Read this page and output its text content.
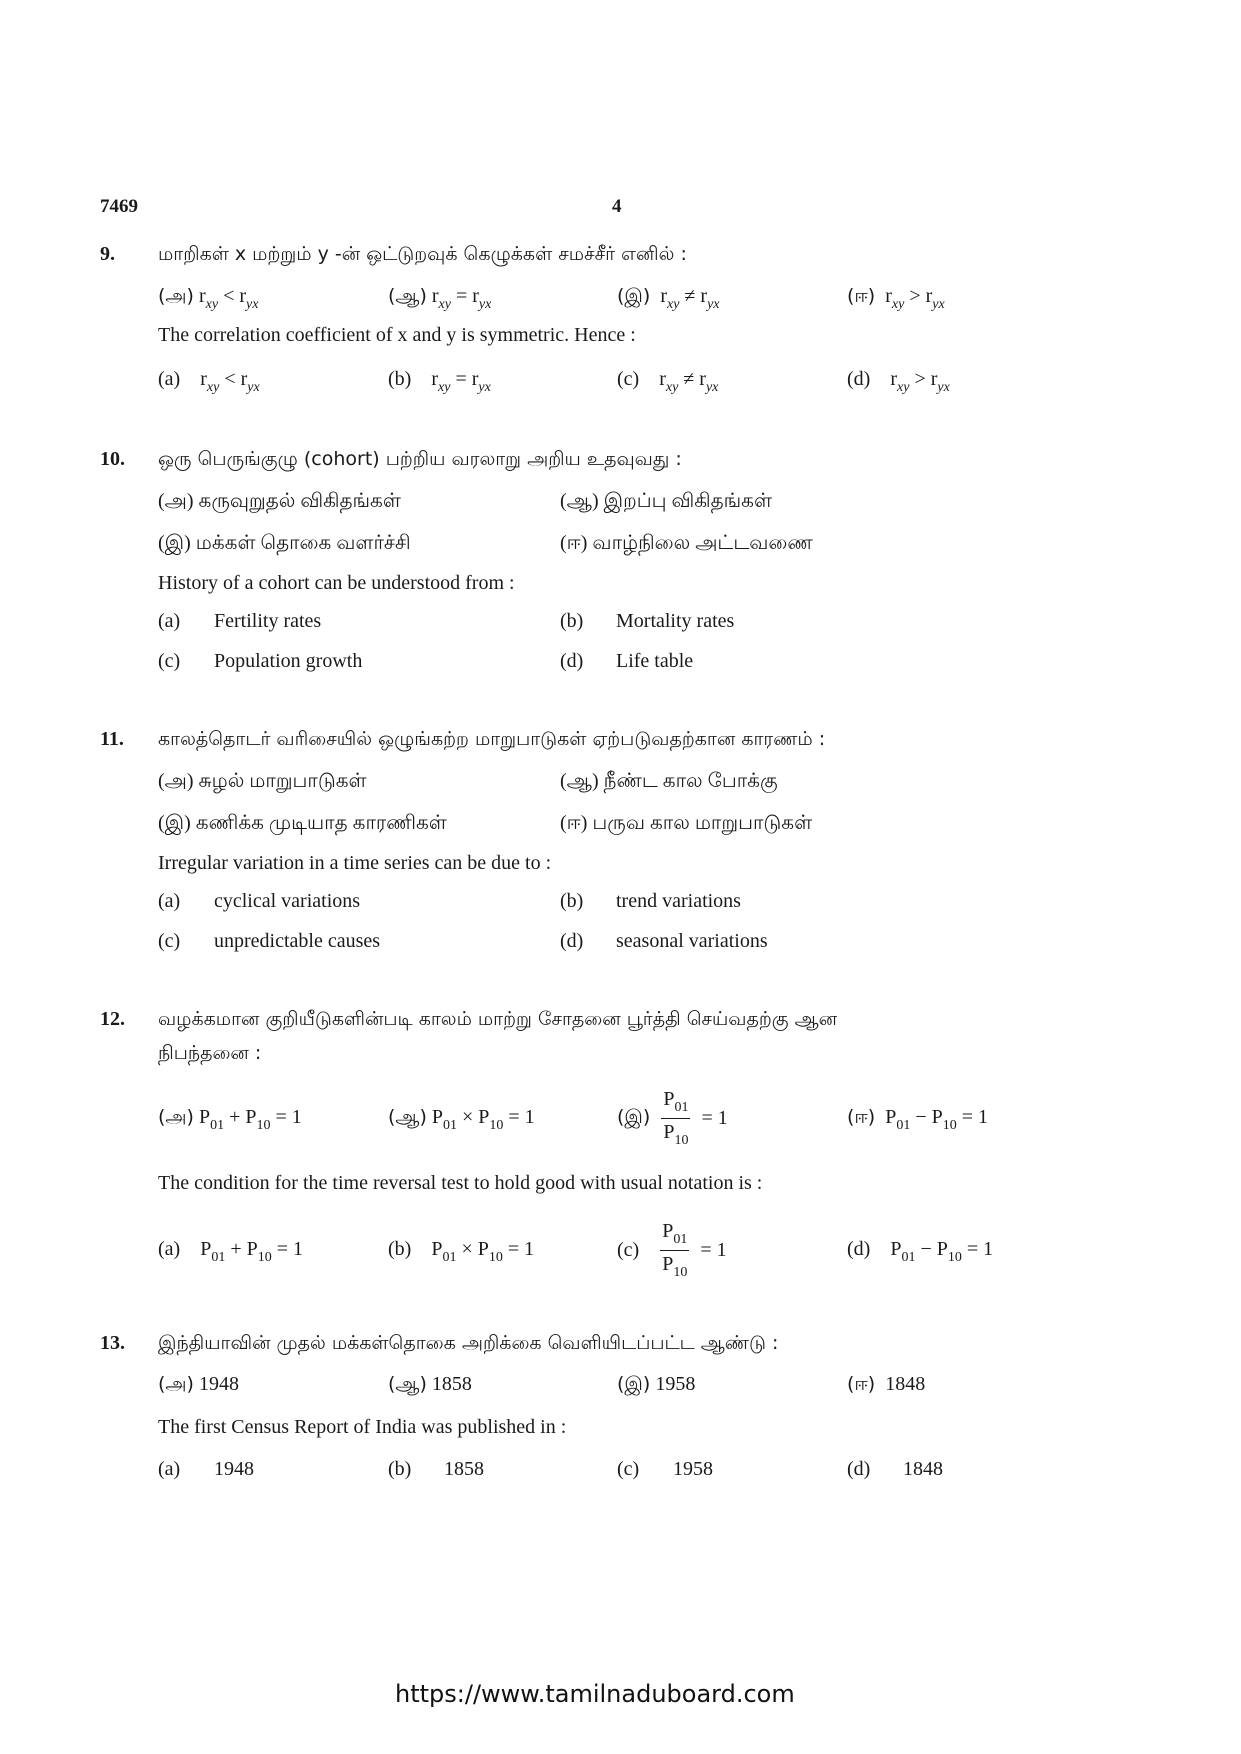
7469	4
9. மாறிகள் x மற்றும் y -ன் ஒட்டுறவுக் கெழுக்கள் சமச்சீர் எனில் :
(அ) $r_{xy} < r_{yx}$	(ஆ) $r_{xy} = r_{yx}$	(இ)  $r_{xy} \ne r_{yx}$	(ஈ)  $r_{xy} > r_{yx}$
The correlation coefficient of x and y is symmetric. Hence :
(a)    $r_{xy} < r_{yx}$	(b)    $r_{xy} = r_{yx}$	(c)    $r_{xy} \ne r_{yx}$	(d)    $r_{xy} > r_{yx}$
10. ஒரு பெருங்குழு (cohort) பற்றிய வரலாறு அறிய உதவுவது :
(அ) கருவுறுதல் விகிதங்கள்	(ஆ) இறப்பு விகிதங்கள்
(இ) மக்கள் தொகை வளர்ச்சி	(ஈ) வாழ்நிலை அட்டவணை
History of a cohort can be understood from :
(a) Fertility rates	(b) Mortality rates
(c) Population growth	(d) Life table
11. காலத்தொடர் வரிசையில் ஒழுங்கற்ற மாறுபாடுகள் ஏற்படுவதற்கான காரணம் :
(அ) சுழல் மாறுபாடுகள்	(ஆ) நீண்ட கால போக்கு
(இ) கணிக்க முடியாத காரணிகள்	(ஈ) பருவ கால மாறுபாடுகள்
Irregular variation in a time series can be due to :
(a) cyclical variations	(b) trend variations
(c) unpredictable causes	(d) seasonal variations
12. வழக்கமான குறியீடுகளின்படி காலம் மாற்று சோதனை பூர்த்தி செய்வதற்கு ஆன
நிபந்தனை :
(அ) $P_{01} + P_{10} = 1$	(ஆ) $P_{01} \times P_{10} = 1$	(இ) $\frac{P_{01}}{P_{10}} = 1$	(ஈ)  $P_{01} - P_{10} = 1$
The condition for the time reversal test to hold good with usual notation is :
(a)    $P_{01} + P_{10} = 1$	(b)    $P_{01} \times P_{10} = 1$	$(c) \frac{P_{01}}{P_{10}} = 1$	(d)    $P_{01} - P_{10} = 1$
13. இந்தியாவின் முதல் மக்கள்தொகை அறிக்கை வெளியிடப்பட்ட ஆண்டு :
(அ) 1948	(ஆ) 1858	(இ) 1958	(ஈ) 1848
The first Census Report of India was published in :
(a) 1948	(b) 1858	(c) 1958	(d) 1848
https://www.tamilnaduboard.com
